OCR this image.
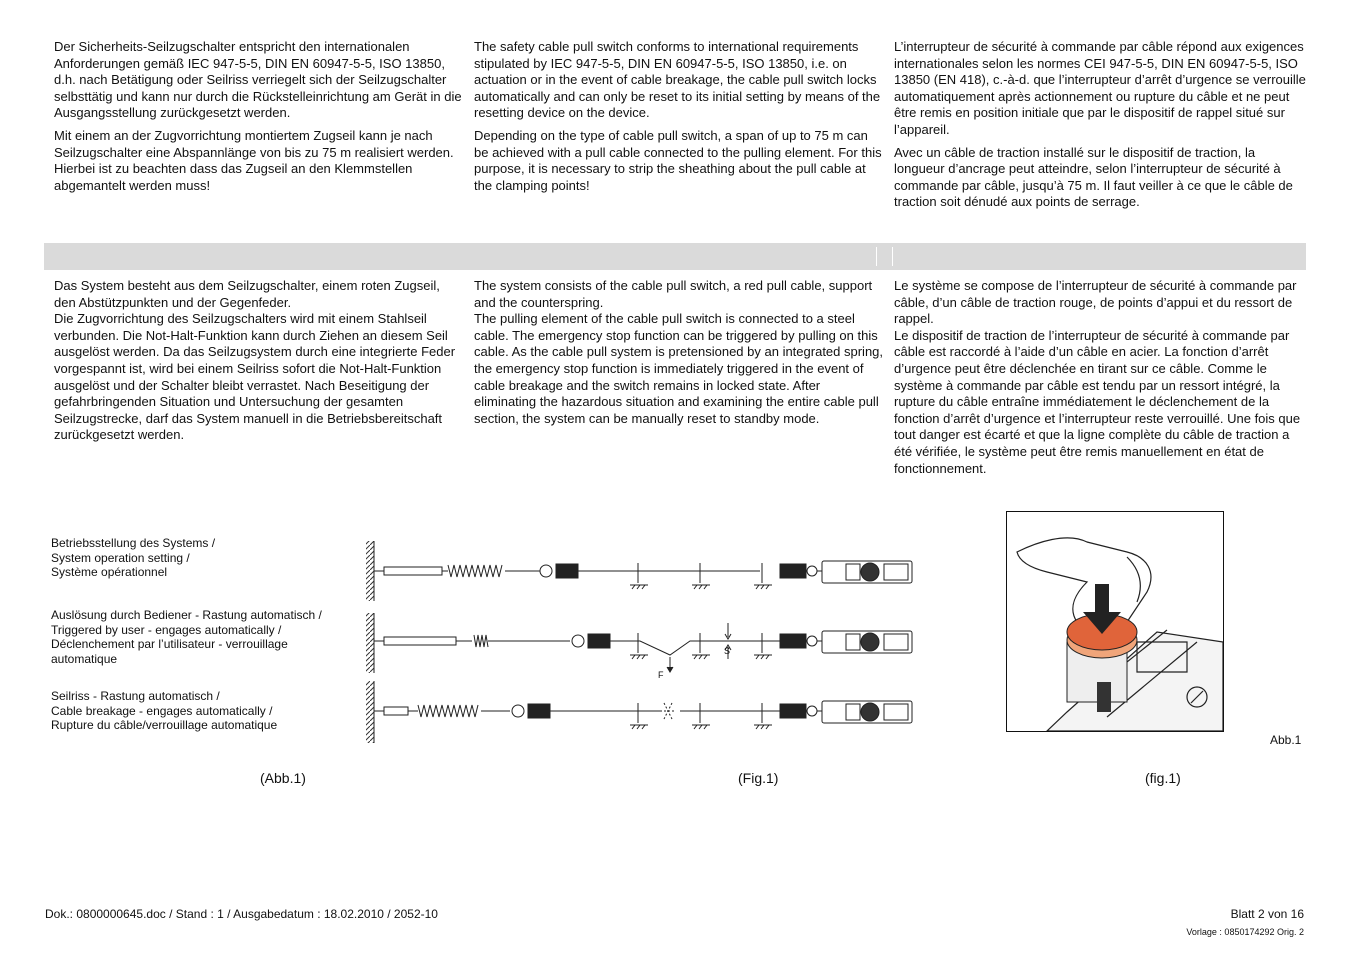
Der Sicherheits-Seilzugschalter entspricht den internationalen Anforderungen gemäß IEC 947-5-5, DIN EN 60947-5-5, ISO 13850, d.h. nach Betätigung oder Seilriss verriegelt sich der Seilzugschalter selbsttätig und kann nur durch die Rückstelleinrichtung am Gerät in die Ausgangsstellung zurückgesetzt werden.

Mit einem an der Zugvorrichtung montiertem Zugseil kann je nach Seilzugschalter eine Abspannlänge von bis zu 75 m realisiert werden. Hierbei ist zu beachten dass das Zugseil an den Klemmstellen abgemantelt werden muss!

The safety cable pull switch conforms to international requirements stipulated by IEC 947-5-5, DIN EN 60947-5-5, ISO 13850, i.e. on actuation or in the event of cable breakage, the cable pull switch locks automatically and can only be reset to its initial setting by means of the resetting device on the device.

Depending on the type of cable pull switch, a span of up to 75 m can be achieved with a pull cable connected to the pulling element. For this purpose, it is necessary to strip the sheathing about the pull cable at the clamping points!

L’interrupteur de sécurité à commande par câble répond aux exigences internationales selon les normes CEI 947-5-5, DIN EN 60947-5-5, ISO 13850 (EN 418), c.-à-d. que l’interrupteur d’arrêt d’urgence se verrouille automatiquement après actionnement ou rupture du câble et ne peut être remis en position initiale que par le dispositif de rappel situé sur l’appareil.

Avec un câble de traction installé sur le dispositif de traction, la longueur d’ancrage peut atteindre, selon l’interrupteur de sécurité à commande par câble, jusqu’à 75 m. Il faut veiller à ce que le câble de traction soit dénudé aux points de serrage.

Das System besteht aus dem Seilzugschalter, einem roten Zugseil, den Abstützpunkten und der Gegenfeder.
Die Zugvorrichtung des Seilzugschalters wird mit einem Stahlseil verbunden. Die Not-Halt-Funktion kann durch Ziehen an diesem Seil ausgelöst werden. Da das Seilzugsystem durch eine integrierte Feder vorgespannt ist, wird bei einem Seilriss sofort die Not-Halt-Funktion ausgelöst und der Schalter bleibt verrastet. Nach Beseitigung der gefahrbringenden Situation und Untersuchung der gesamten Seilzugstrecke, darf das System manuell in die Betriebsbereitschaft zurückgesetzt werden.
The system consists of the cable pull switch, a red pull cable, support and the counterspring.
The pulling element of the cable pull switch is connected to a steel cable. The emergency stop function can be triggered by pulling on this cable. As the cable pull system is pretensioned by an integrated spring, the emergency stop function is immediately triggered in the event of cable breakage and the switch remains in locked state. After eliminating the hazardous situation and examining the entire cable pull section, the system can be manually reset to standby mode.
Le système se compose de l’interrupteur de sécurité à commande par câble, d’un câble de traction rouge, de points d’appui et du ressort de rappel.
Le dispositif de traction de l’interrupteur de sécurité à commande par câble est raccordé à l’aide d’un câble en acier. La fonction d’arrêt d’urgence peut être déclenchée en tirant sur ce câble. Comme le système à commande par câble est tendu par un ressort intégré, la rupture du câble entraîne immédiatement le déclenchement de la fonction d’arrêt d’urgence et l’interrupteur reste verrouillé. Une fois que tout danger est écarté et que la ligne complète du câble de traction a été vérifiée, le système peut être remis manuellement en état de fonctionnement.
Betriebsstellung des Systems /
System operation setting /
Système opérationnel
Auslösung durch Bediener - Rastung automatisch /
Triggered by user - engages automatically /
Déclenchement par l’utilisateur - verrouillage
automatique
Seilriss - Rastung automatisch /
Cable breakage - engages automatically /
Rupture du câble/verrouillage automatique
S
F
Abb.1
(Abb.1)	(Fig.1)	(fig.1)
Dok.: 0800000645.doc / Stand : 1 / Ausgabedatum : 18.02.2010 / 2052-10	Blatt 2 von 16
Vorlage : 0850174292 Orig. 2
